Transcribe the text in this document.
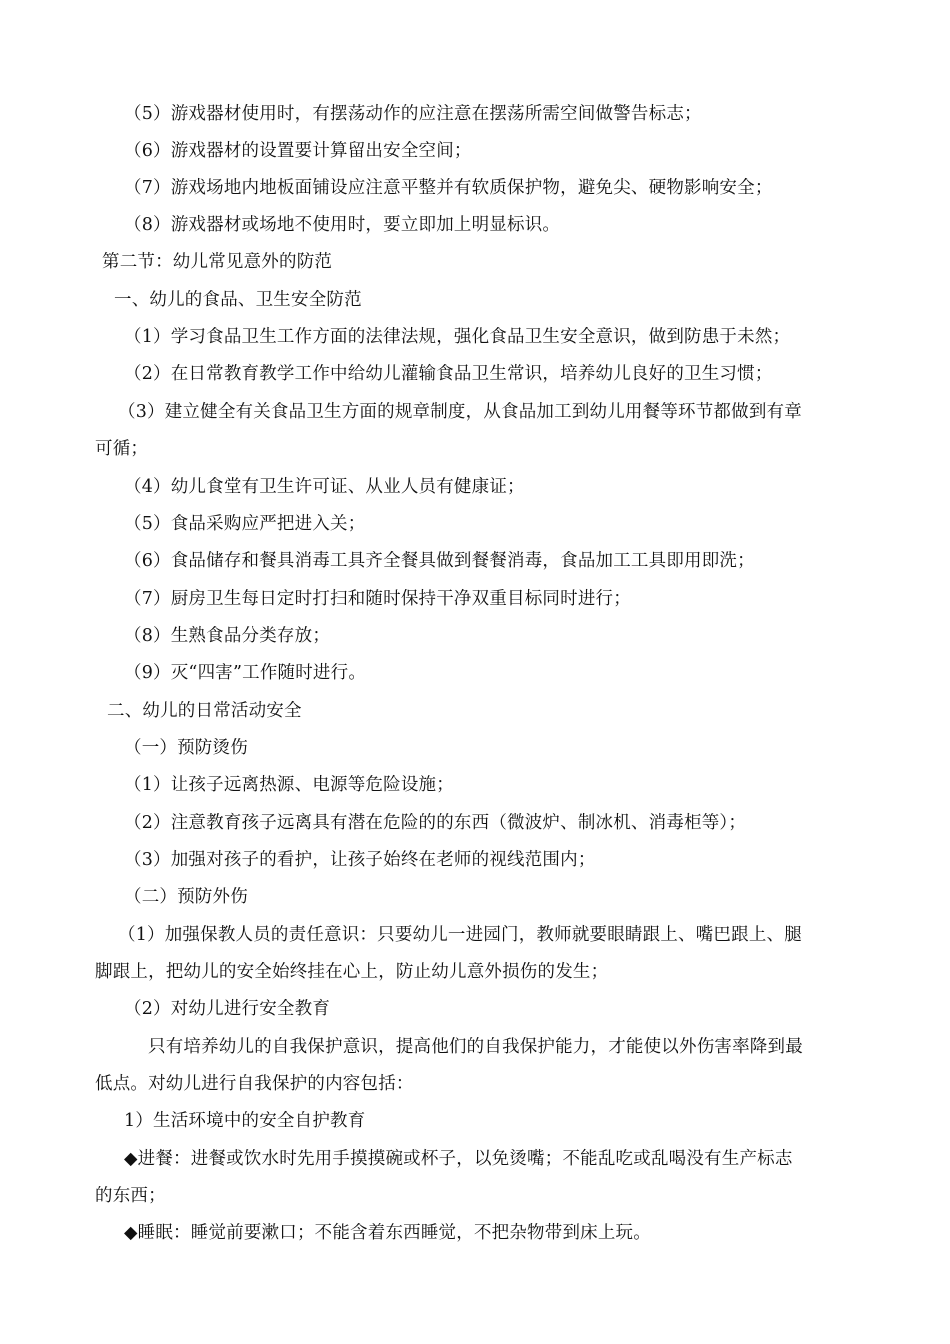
（5）游戏器材使用时，有摆荡动作的应注意在摆荡所需空间做警告标志；
（6）游戏器材的设置要计算留出安全空间；
（7）游戏场地内地板面铺设应注意平整并有软质保护物，避免尖、硬物影响安全；
（8）游戏器材或场地不使用时，要立即加上明显标识。
第二节：幼儿常见意外的防范
一、幼儿的食品、卫生安全防范
（1）学习食品卫生工作方面的法律法规，强化食品卫生安全意识，做到防患于未然；
（2）在日常教育教学工作中给幼儿灌输食品卫生常识，培养幼儿良好的卫生习惯；
（3）建立健全有关食品卫生方面的规章制度，从食品加工到幼儿用餐等环节都做到有章
可循；
（4）幼儿食堂有卫生许可证、从业人员有健康证；
（5）食品采购应严把进入关；
（6）食品储存和餐具消毒工具齐全餐具做到餐餐消毒，食品加工工具即用即洗；
（7）厨房卫生每日定时打扫和随时保持干净双重目标同时进行；
（8）生熟食品分类存放；
（9）灭“四害”工作随时进行。
二、幼儿的日常活动安全
（一）预防烫伤
（1）让孩子远离热源、电源等危险设施；
（2）注意教育孩子远离具有潜在危险的的东西（微波炉、制冰机、消毒柜等）；
（3）加强对孩子的看护，让孩子始终在老师的视线范围内；
（二）预防外伤
（1）加强保教人员的责任意识：只要幼儿一进园门，教师就要眼睛跟上、嘴巴跟上、腿
脚跟上，把幼儿的安全始终挂在心上，防止幼儿意外损伤的发生；
（2）对幼儿进行安全教育
只有培养幼儿的自我保护意识，提高他们的自我保护能力，才能使以外伤害率降到最
低点。对幼儿进行自我保护的内容包括：
1）生活环境中的安全自护教育
◆进餐：进餐或饮水时先用手摸摸碗或杯子，以免烫嘴；不能乱吃或乱喝没有生产标志
的东西；
◆睡眠：睡觉前要漱口；不能含着东西睡觉，不把杂物带到床上玩。
